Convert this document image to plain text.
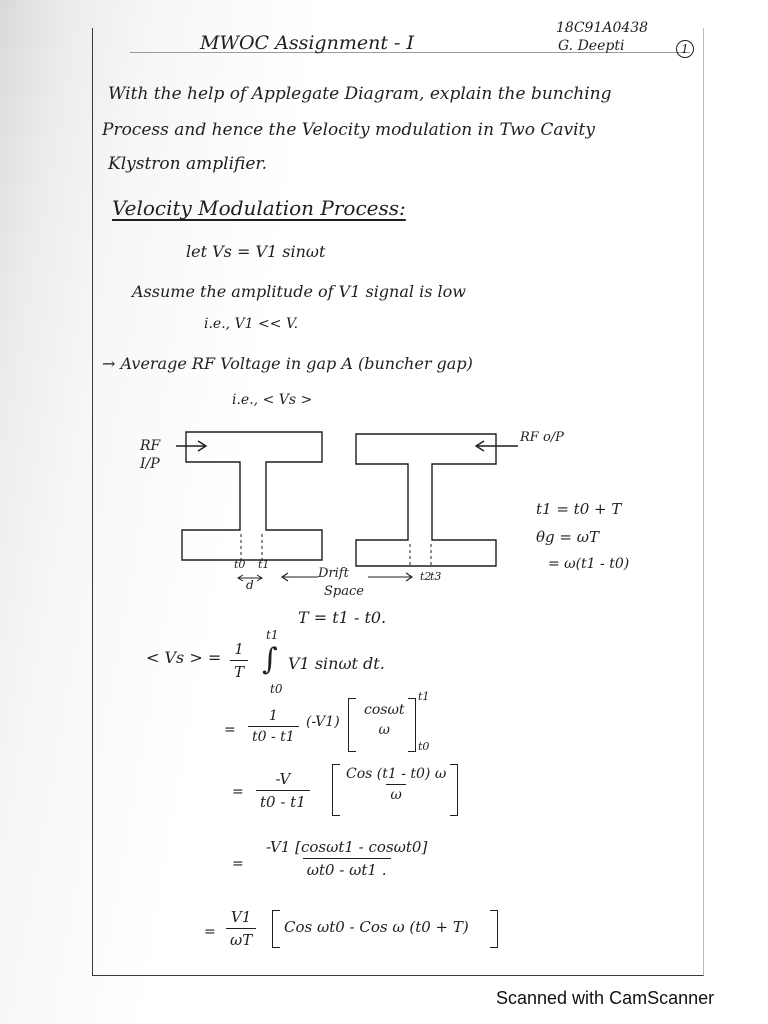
MWOC Assignment - I
18C91A0438
G. Deepti	1
With the help of Applegate Diagram, explain the bunching
Process and hence the Velocity modulation in Two Cavity
Klystron amplifier.
Velocity Modulation Process:
let Vs = V1 sinωt
Assume the amplitude of V1 signal is low
i.e., V1 << V.
→ Average RF Voltage in gap A (buncher gap)
i.e., < Vs >
RF
I/P
RF o/P
t0 t1
d
Drift
Space
t2
t3
t1 = t0 + T
θg = ωT
= ω(t1 - t0)
T = t1 - t0.
< Vs > = $\frac{1}{T}$ ∫
t1
t0
V1 sinωt dt.
= $\frac{1}{t0 - t1} (-V1)$
cosωt
ω
t1
t0
= $\frac{-V}{t0 - t1}$	Cos (t1 - t0) ω
ω
= $\frac{-V1 [\cos\omega t1 - \cos\omega t0]}{\omega t0 - \omega t1 .}$
= $\frac{V1}{\omega T}$ Cos ωt0 - Cos ω (t0 + T)
Scanned with CamScanner
